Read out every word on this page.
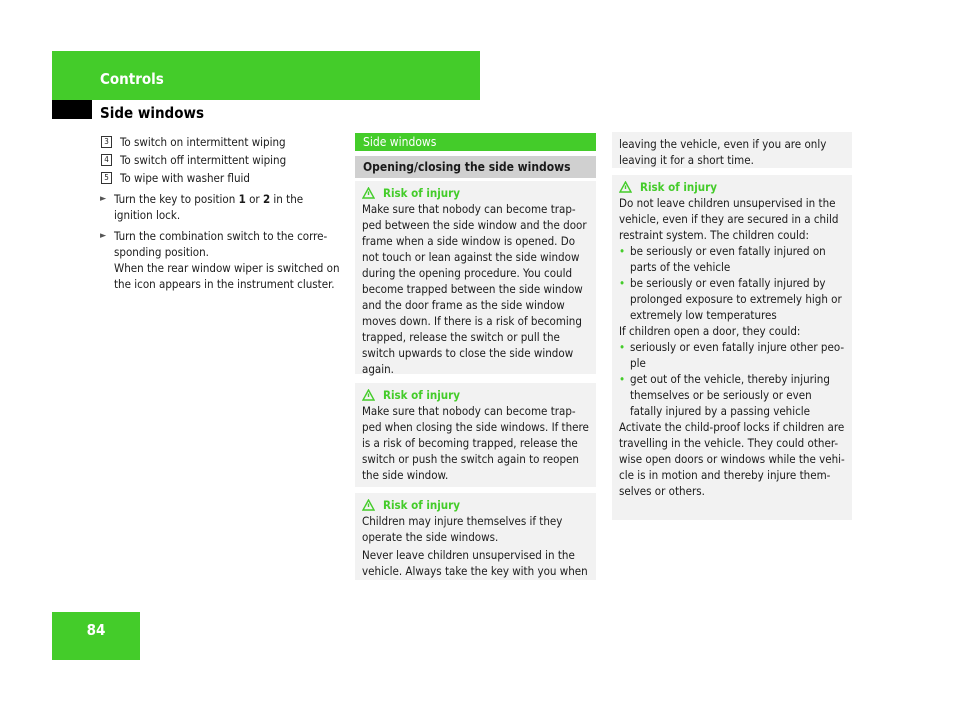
Controls
Side windows
3 To switch on intermittent wiping
4 To switch off intermittent wiping
5 To wipe with washer fluid
► Turn the key to position 1 or 2 in the ignition lock.
► Turn the combination switch to the corre-sponding position.
When the rear window wiper is switched on the icon appears in the instrument cluster.
Side windows
Opening/closing the side windows
Risk of injury

Make sure that nobody can become trap-ped between the side window and the door frame when a side window is opened. Do not touch or lean against the side window during the opening procedure. You could become trapped between the side window and the door frame as the side window moves down. If there is a risk of becoming trapped, release the switch or pull the switch upwards to close the side window again.

Risk of injury

Make sure that nobody can become trap-ped when closing the side windows. If there is a risk of becoming trapped, release the switch or push the switch again to reopen the side window.

Risk of injury

Children may injure themselves if they operate the side windows.

Never leave children unsupervised in the vehicle. Always take the key with you when

leaving the vehicle, even if you are only leaving it for a short time.

Risk of injury

Do not leave children unsupervised in the vehicle, even if they are secured in a child restraint system. The children could:

• be seriously or even fatally injured on parts of the vehicle
• be seriously or even fatally injured by prolonged exposure to extremely high or extremely low temperatures

If children open a door, they could:

• seriously or even fatally injure other peo-ple
• get out of the vehicle, thereby injuring themselves or be seriously or even fatally injured by a passing vehicle

Activate the child-proof locks if children are travelling in the vehicle. They could other-wise open doors or windows while the vehi-cle is in motion and thereby injure them-selves or others.

84
